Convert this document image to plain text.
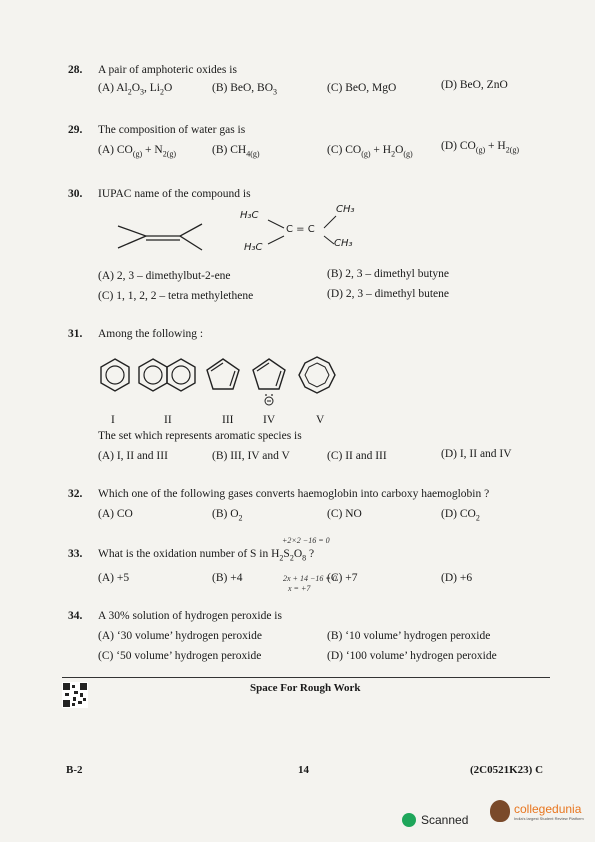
28. A pair of amphoteric oxides is
(A) $Al_2O_3$, $Li_2O$	(B) BeO, $BO_3$	(C) BeO, MgO	(D) BeO, ZnO
29. The composition of water gas is
(A) $CO_{(g)} + N_{2(g)}$	(B) $CH_{4(g)}$	(C) $CO_{(g)} + H_2O_{(g)}$
(D) $CO_{(g)} + H_{2(g)}$
30. IUPAC name of the compound is
H₃C
C = C
CH₃
H₃C	CH₃
(A) 2, 3 – dimethylbut-2-ene	(B) 2, 3 – dimethyl butyne
(C) 1, 1, 2, 2 – tetra methylethene	(D) 2, 3 – dimethyl butene
31. Among the following :
I	II	III	IV	V
The set which represents aromatic species is
(A) I, II and III	(B) III, IV and V	(C) II and III	(D) I, II and IV
32. Which one of the following gases converts haemoglobin into carboxy haemoglobin ?
(A) CO	(B) $O_2$	(C) NO	(D) $CO_2$
+2×2 −16 = 0
33. What is the oxidation number of S in $H_2S_2O_8$ ?
(A) +5	(B) +4	2x + 14 −16 = 0
(C) +7
x = +7
(D) +6
34. A 30% solution of hydrogen peroxide is
(A) ‘30 volume’ hydrogen peroxide	(B) ‘10 volume’ hydrogen peroxide
(C) ‘50 volume’ hydrogen peroxide	(D) ‘100 volume’ hydrogen peroxide
Space For Rough Work
B-2	14	(2C0521K23) C
Scanned
collegedunia
India's largest Student Review Platform
